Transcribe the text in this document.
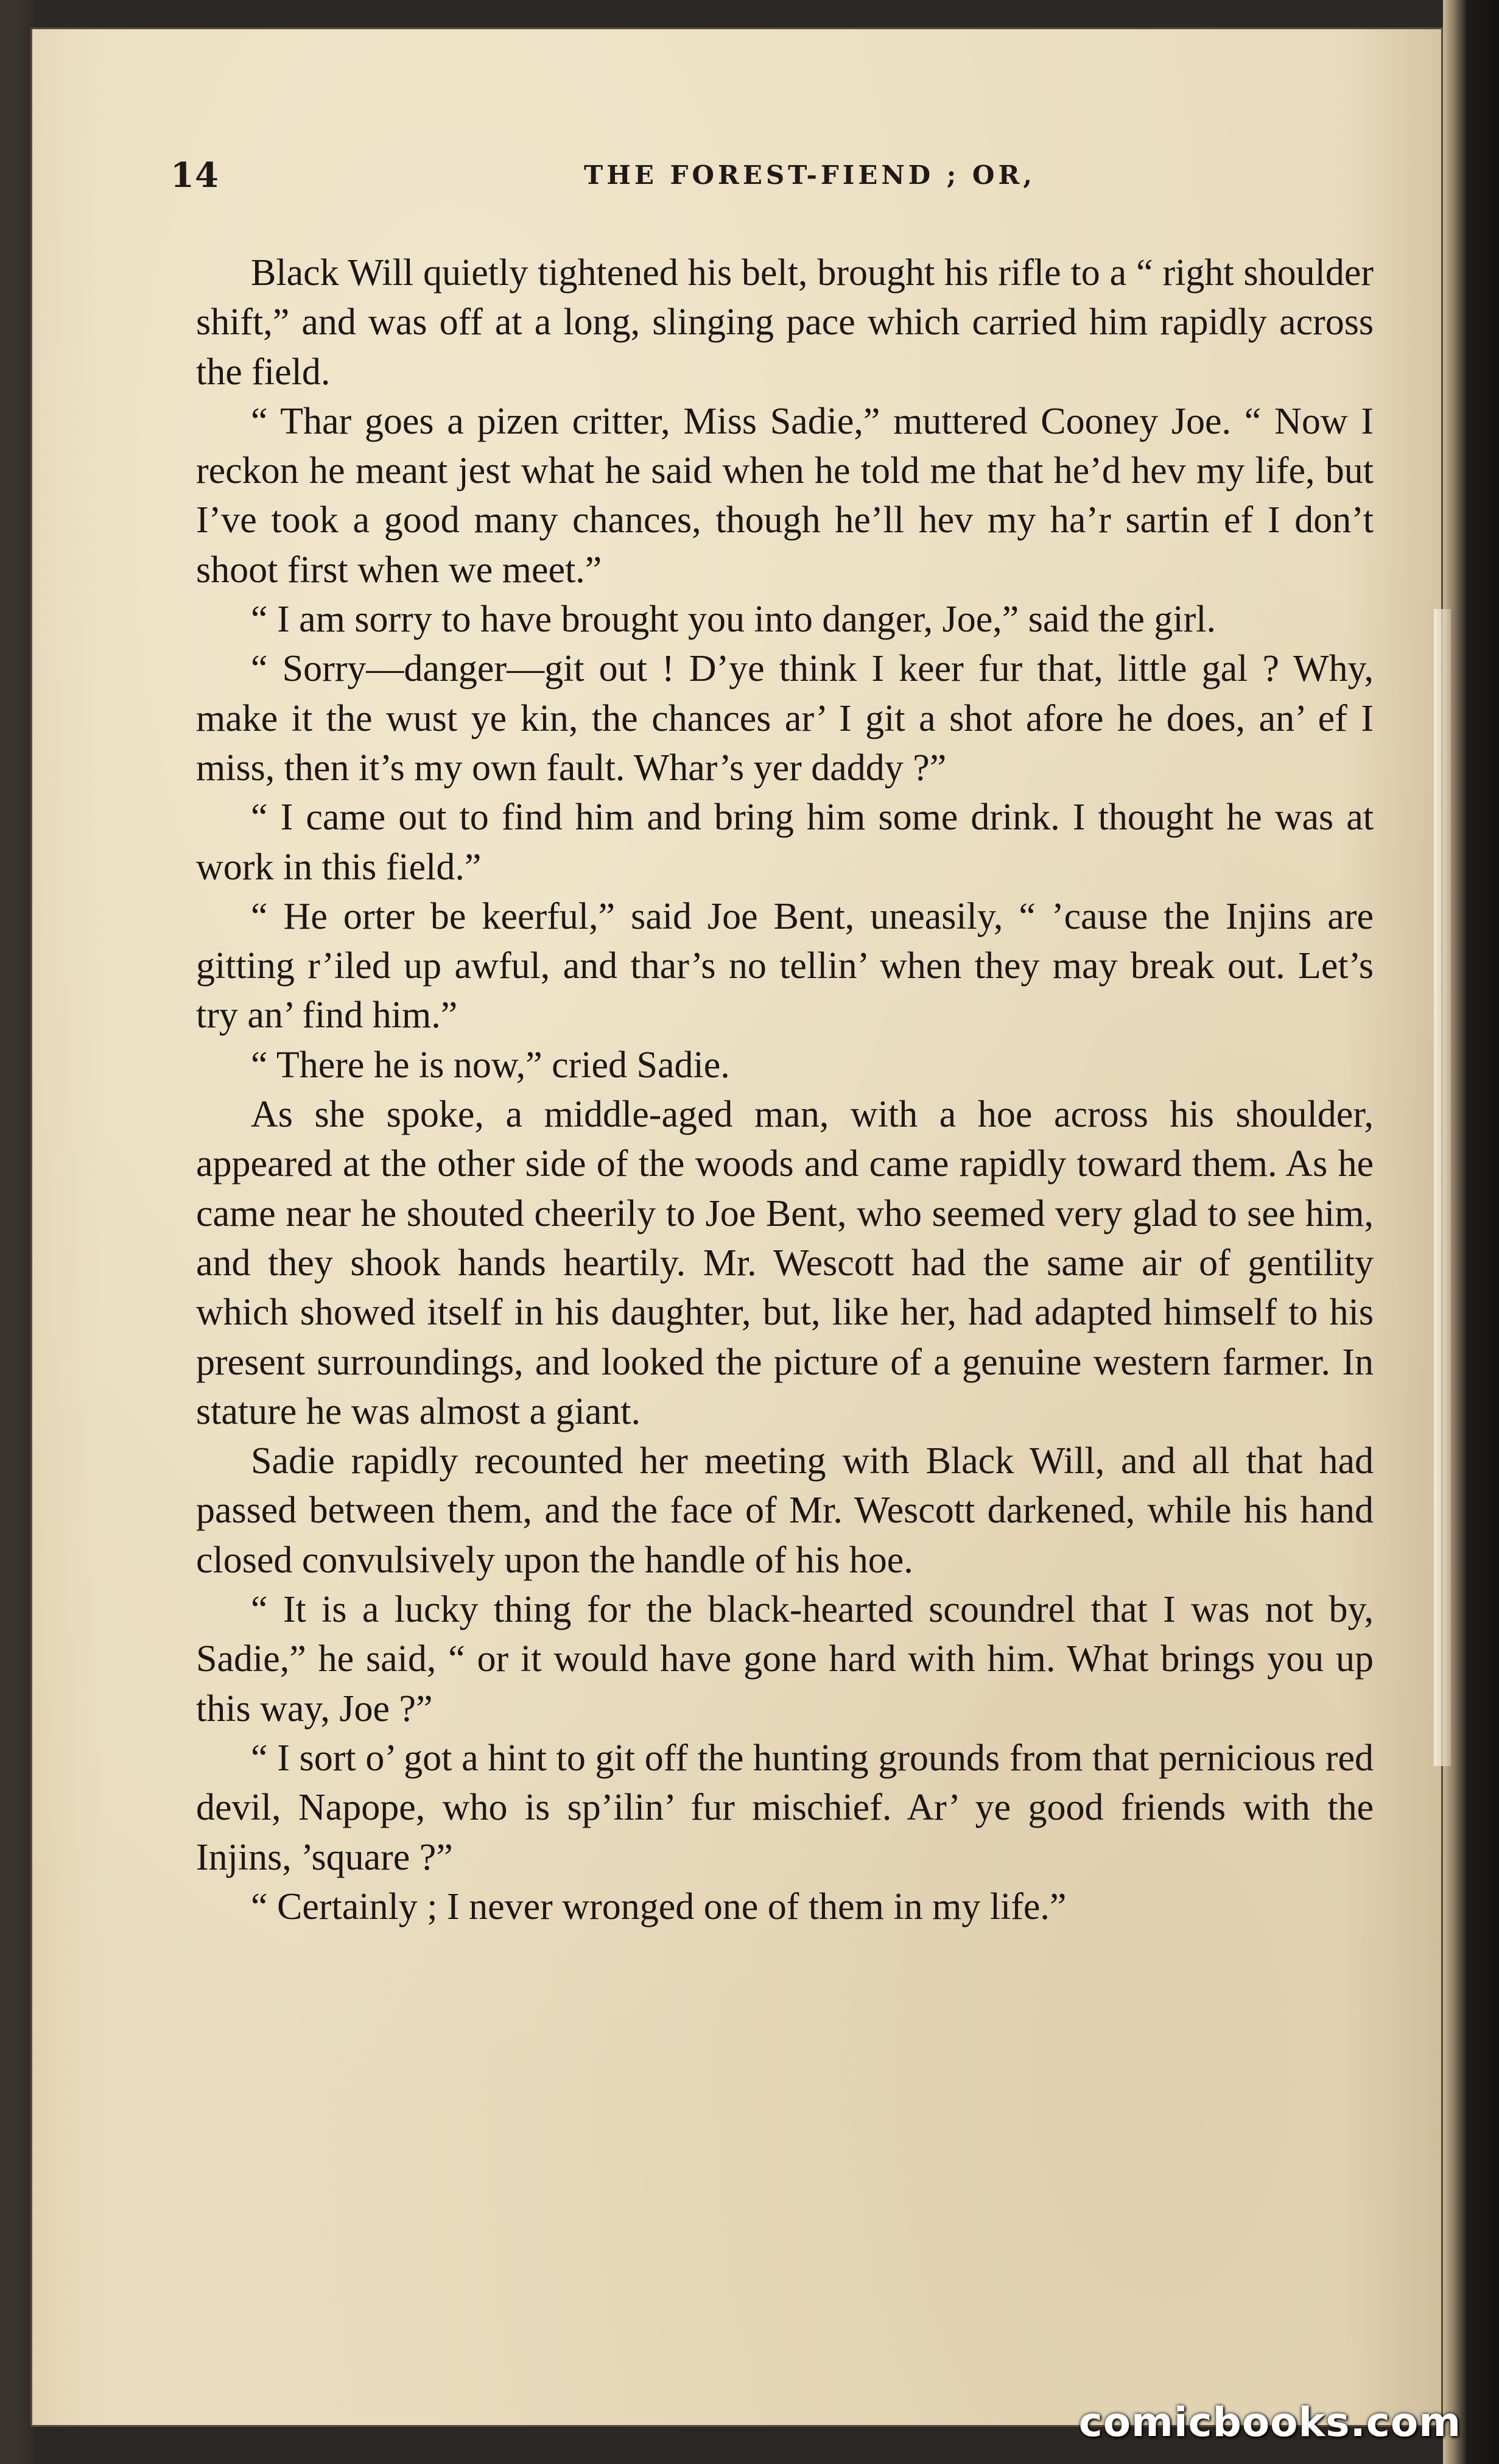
14	THE FOREST-FIEND ; OR,

Black Will quietly tightened his belt, brought his rifle to a “ right shoulder shift,” and was off at a long, slinging pace which carried him rapidly across the field.

“ Thar goes a pizen critter, Miss Sadie,” muttered Cooney Joe. “ Now I reckon he meant jest what he said when he told me that he’d hev my life, but I’ve took a good many chances, though he’ll hev my ha’r sartin ef I don’t shoot first when we meet.”

“ I am sorry to have brought you into danger, Joe,” said the girl.

“ Sorry—danger—git out ! D’ye think I keer fur that, little gal ? Why, make it the wust ye kin, the chances ar’ I git a shot afore he does, an’ ef I miss, then it’s my own fault. Whar’s yer daddy ?”

“ I came out to find him and bring him some drink. I thought he was at work in this field.”

“ He orter be keerful,” said Joe Bent, uneasily, “ ’cause the Injins are gitting r’iled up awful, and thar’s no tellin’ when they may break out. Let’s try an’ find him.”

“ There he is now,” cried Sadie.

As she spoke, a middle-aged man, with a hoe across his shoulder, appeared at the other side of the woods and came rapidly toward them. As he came near he shouted cheerily to Joe Bent, who seemed very glad to see him, and they shook hands heartily. Mr. Wescott had the same air of gentility which showed itself in his daughter, but, like her, had adapted himself to his present surroundings, and looked the picture of a genuine western farmer. In stature he was almost a giant.

Sadie rapidly recounted her meeting with Black Will, and all that had passed between them, and the face of Mr. Wescott darkened, while his hand closed convulsively upon the handle of his hoe.

“ It is a lucky thing for the black-hearted scoundrel that I was not by, Sadie,” he said, “ or it would have gone hard with him. What brings you up this way, Joe ?”

“ I sort o’ got a hint to git off the hunting grounds from that pernicious red devil, Napope, who is sp’ilin’ fur mischief. Ar’ ye good friends with the Injins, ’square ?”

“ Certainly ; I never wronged one of them in my life.”

comicbooks.com
